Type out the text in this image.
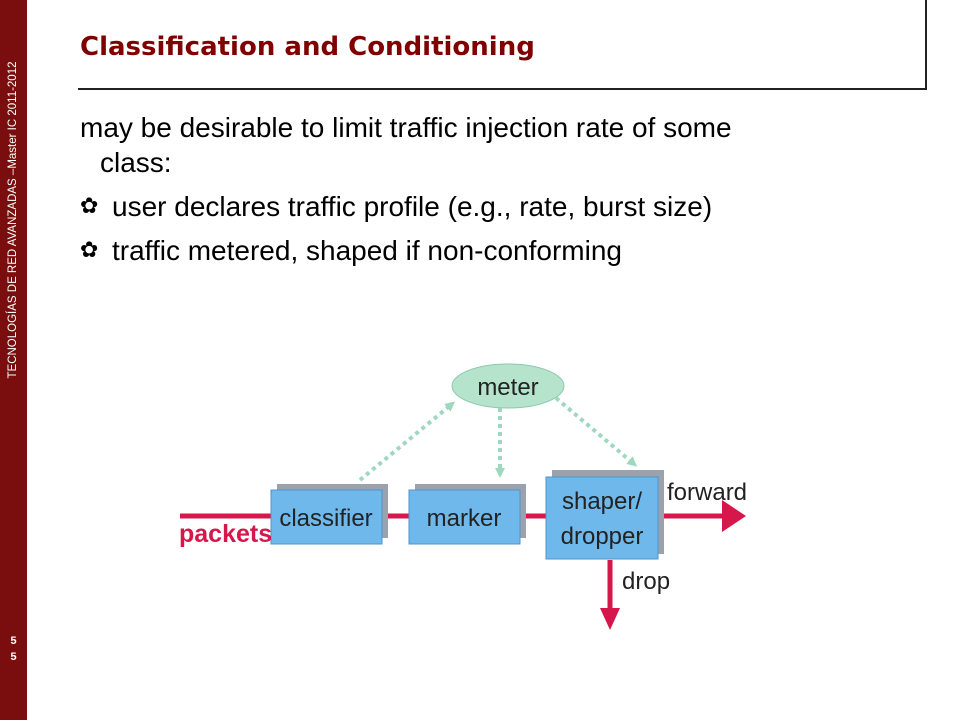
TECNOLOGÍAS DE RED AVANZADAS –Master IC 2011-2012
5
5
Classification and Conditioning

may be desirable to limit traffic injection rate of some
class:

✿ user declares traffic profile (e.g., rate, burst size)
✿ traffic metered, shaped if non-conforming
meter
classifier marker
shaper/
dropper
packets
forward
drop
